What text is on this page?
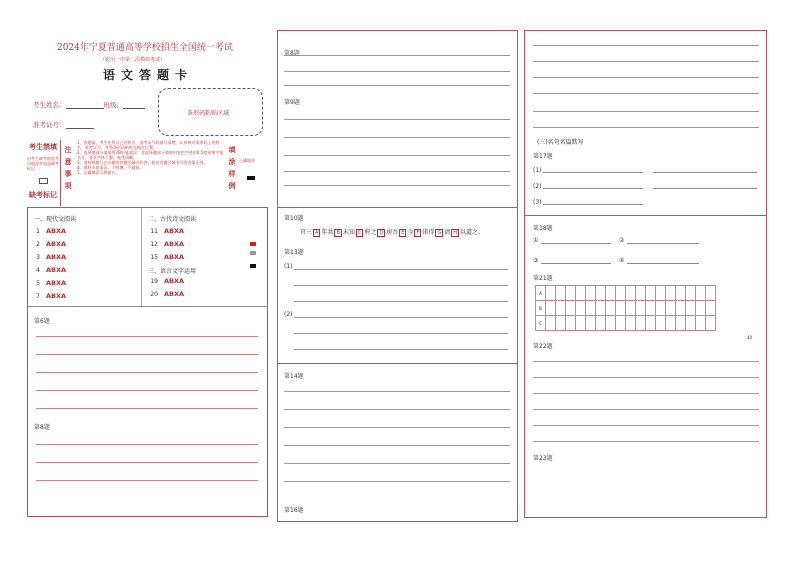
2024年宁夏普通高等学校招生全国统一考试
（银川一中第二次模拟考试）
语文答题卡
考生姓名：	班级：
准考证号：
条形码粘贴区域
考生禁填
由考生缺考的监考员填涂并加盖缺考标记
缺考标记
注意事项
1、答题前，考生先将自己的姓名、准考证号码填写清楚，认真核对条形码上的姓名、准考证号，并将条形码粘贴在指定位置。
2、选择题部分请使用2B铅笔填涂；非选择题部分请使用黑色字迹的0.5毫米签字笔书写，要求字体工整、笔迹清晰。
3、请按照题号在各题的答题区域内作答，超出答题区域书写的答案无效。
4、保持卡面清洁，不折叠，不破损。
5、正确填涂示例如右。
填涂样例
正确填涂
一、现代文阅读	二、古代诗文阅读
三、语言文字运用
1 ABXA
2 ABXA
3 ABXA
4 ABXA
5 ABXA
7 ABXA
11 ABXA
12 ABXA
15 ABXA
19 ABXA
20 ABXA
第6题
第8题
第8题
第9题
第10题
官三 A 年共 B 未知 C 府之 D 房吾 E 今 F 诺得 G 请 H 以道之。
第13题
(1)
(2)
第14题
第16题
(三)名句名篇默写
第17题
(1)
(2)
(3)
第18题
①	②
③	④
第21题
A																	
B																	
C																	
40
第22题
第23题
